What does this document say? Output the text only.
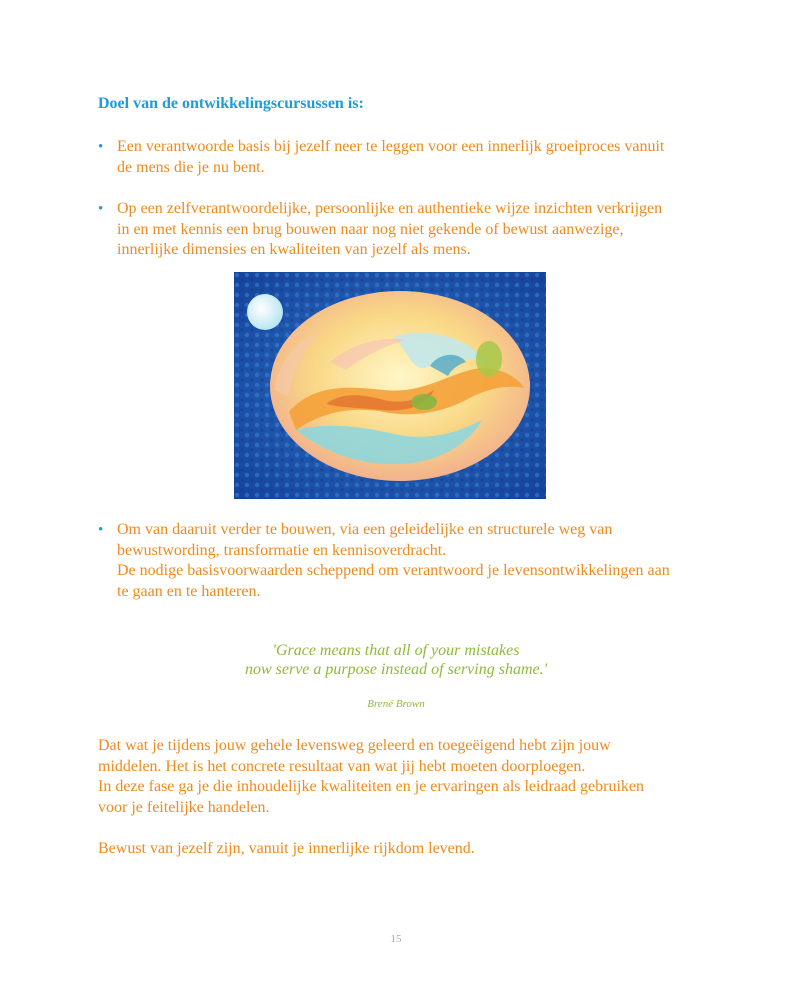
Doel van de ontwikkelingscursussen is:
• Een verantwoorde basis bij jezelf neer te leggen voor een innerlijk groeiproces vanuit
de mens die je nu bent.
• Op een zelfverantwoordelijke, persoonlijke en authentieke wijze inzichten verkrijgen
in en met kennis een brug bouwen naar nog niet gekende of bewust aanwezige,
innerlijke dimensies en kwaliteiten van jezelf als mens.
• Om van daaruit verder te bouwen, via een geleidelijke en structurele weg van
bewustwording, transformatie en kennisoverdracht.
De nodige basisvoorwaarden scheppend om verantwoord je levensontwikkelingen aan
te gaan en te hanteren.
'Grace means that all of your mistakes
now serve a purpose instead of serving shame.'
Brené Brown
Dat wat je tijdens jouw gehele levensweg geleerd en toegeëigend hebt zijn jouw
middelen. Het is het concrete resultaat van wat jij hebt moeten doorploegen.
In deze fase ga je die inhoudelijke kwaliteiten en je ervaringen als leidraad gebruiken
voor je feitelijke handelen.
Bewust van jezelf zijn, vanuit je innerlijke rijkdom levend.
15
